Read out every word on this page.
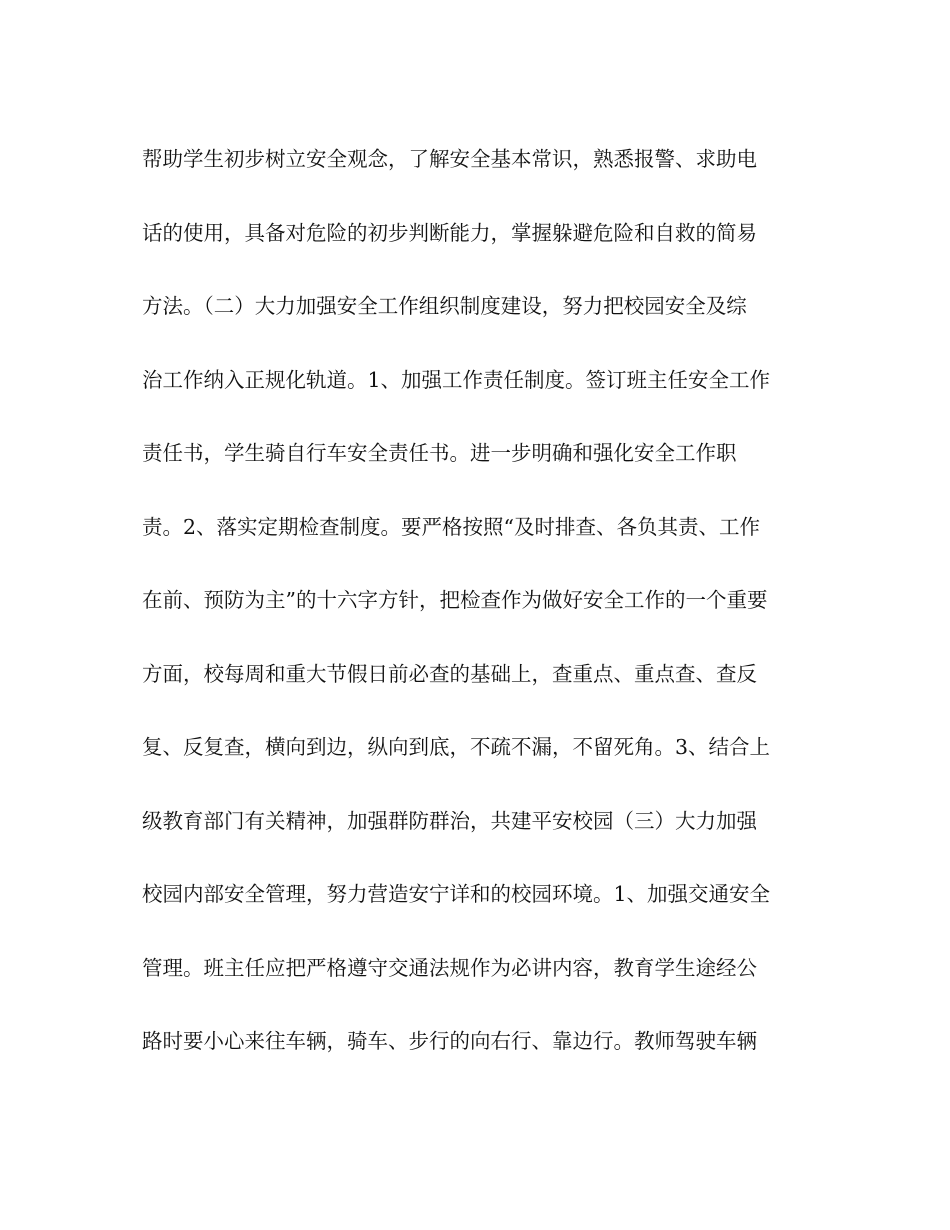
帮助学生初步树立安全观念，了解安全基本常识，熟悉报警、求助电
话的使用，具备对危险的初步判断能力，掌握躲避危险和自救的简易
方法。（二）大力加强安全工作组织制度建设，努力把校园安全及综
治工作纳入正规化轨道。1、加强工作责任制度。签订班主任安全工作
责任书，学生骑自行车安全责任书。进一步明确和强化安全工作职
责。2、落实定期检查制度。要严格按照“及时排查、各负其责、工作
在前、预防为主”的十六字方针，把检查作为做好安全工作的一个重要
方面，校每周和重大节假日前必查的基础上，查重点、重点查、查反
复、反复查，横向到边，纵向到底，不疏不漏，不留死角。3、结合上
级教育部门有关精神，加强群防群治，共建平安校园（三）大力加强
校园内部安全管理，努力营造安宁详和的校园环境。1、加强交通安全
管理。班主任应把严格遵守交通法规作为必讲内容，教育学生途经公
路时要小心来往车辆，骑车、步行的向右行、靠边行。教师驾驶车辆
